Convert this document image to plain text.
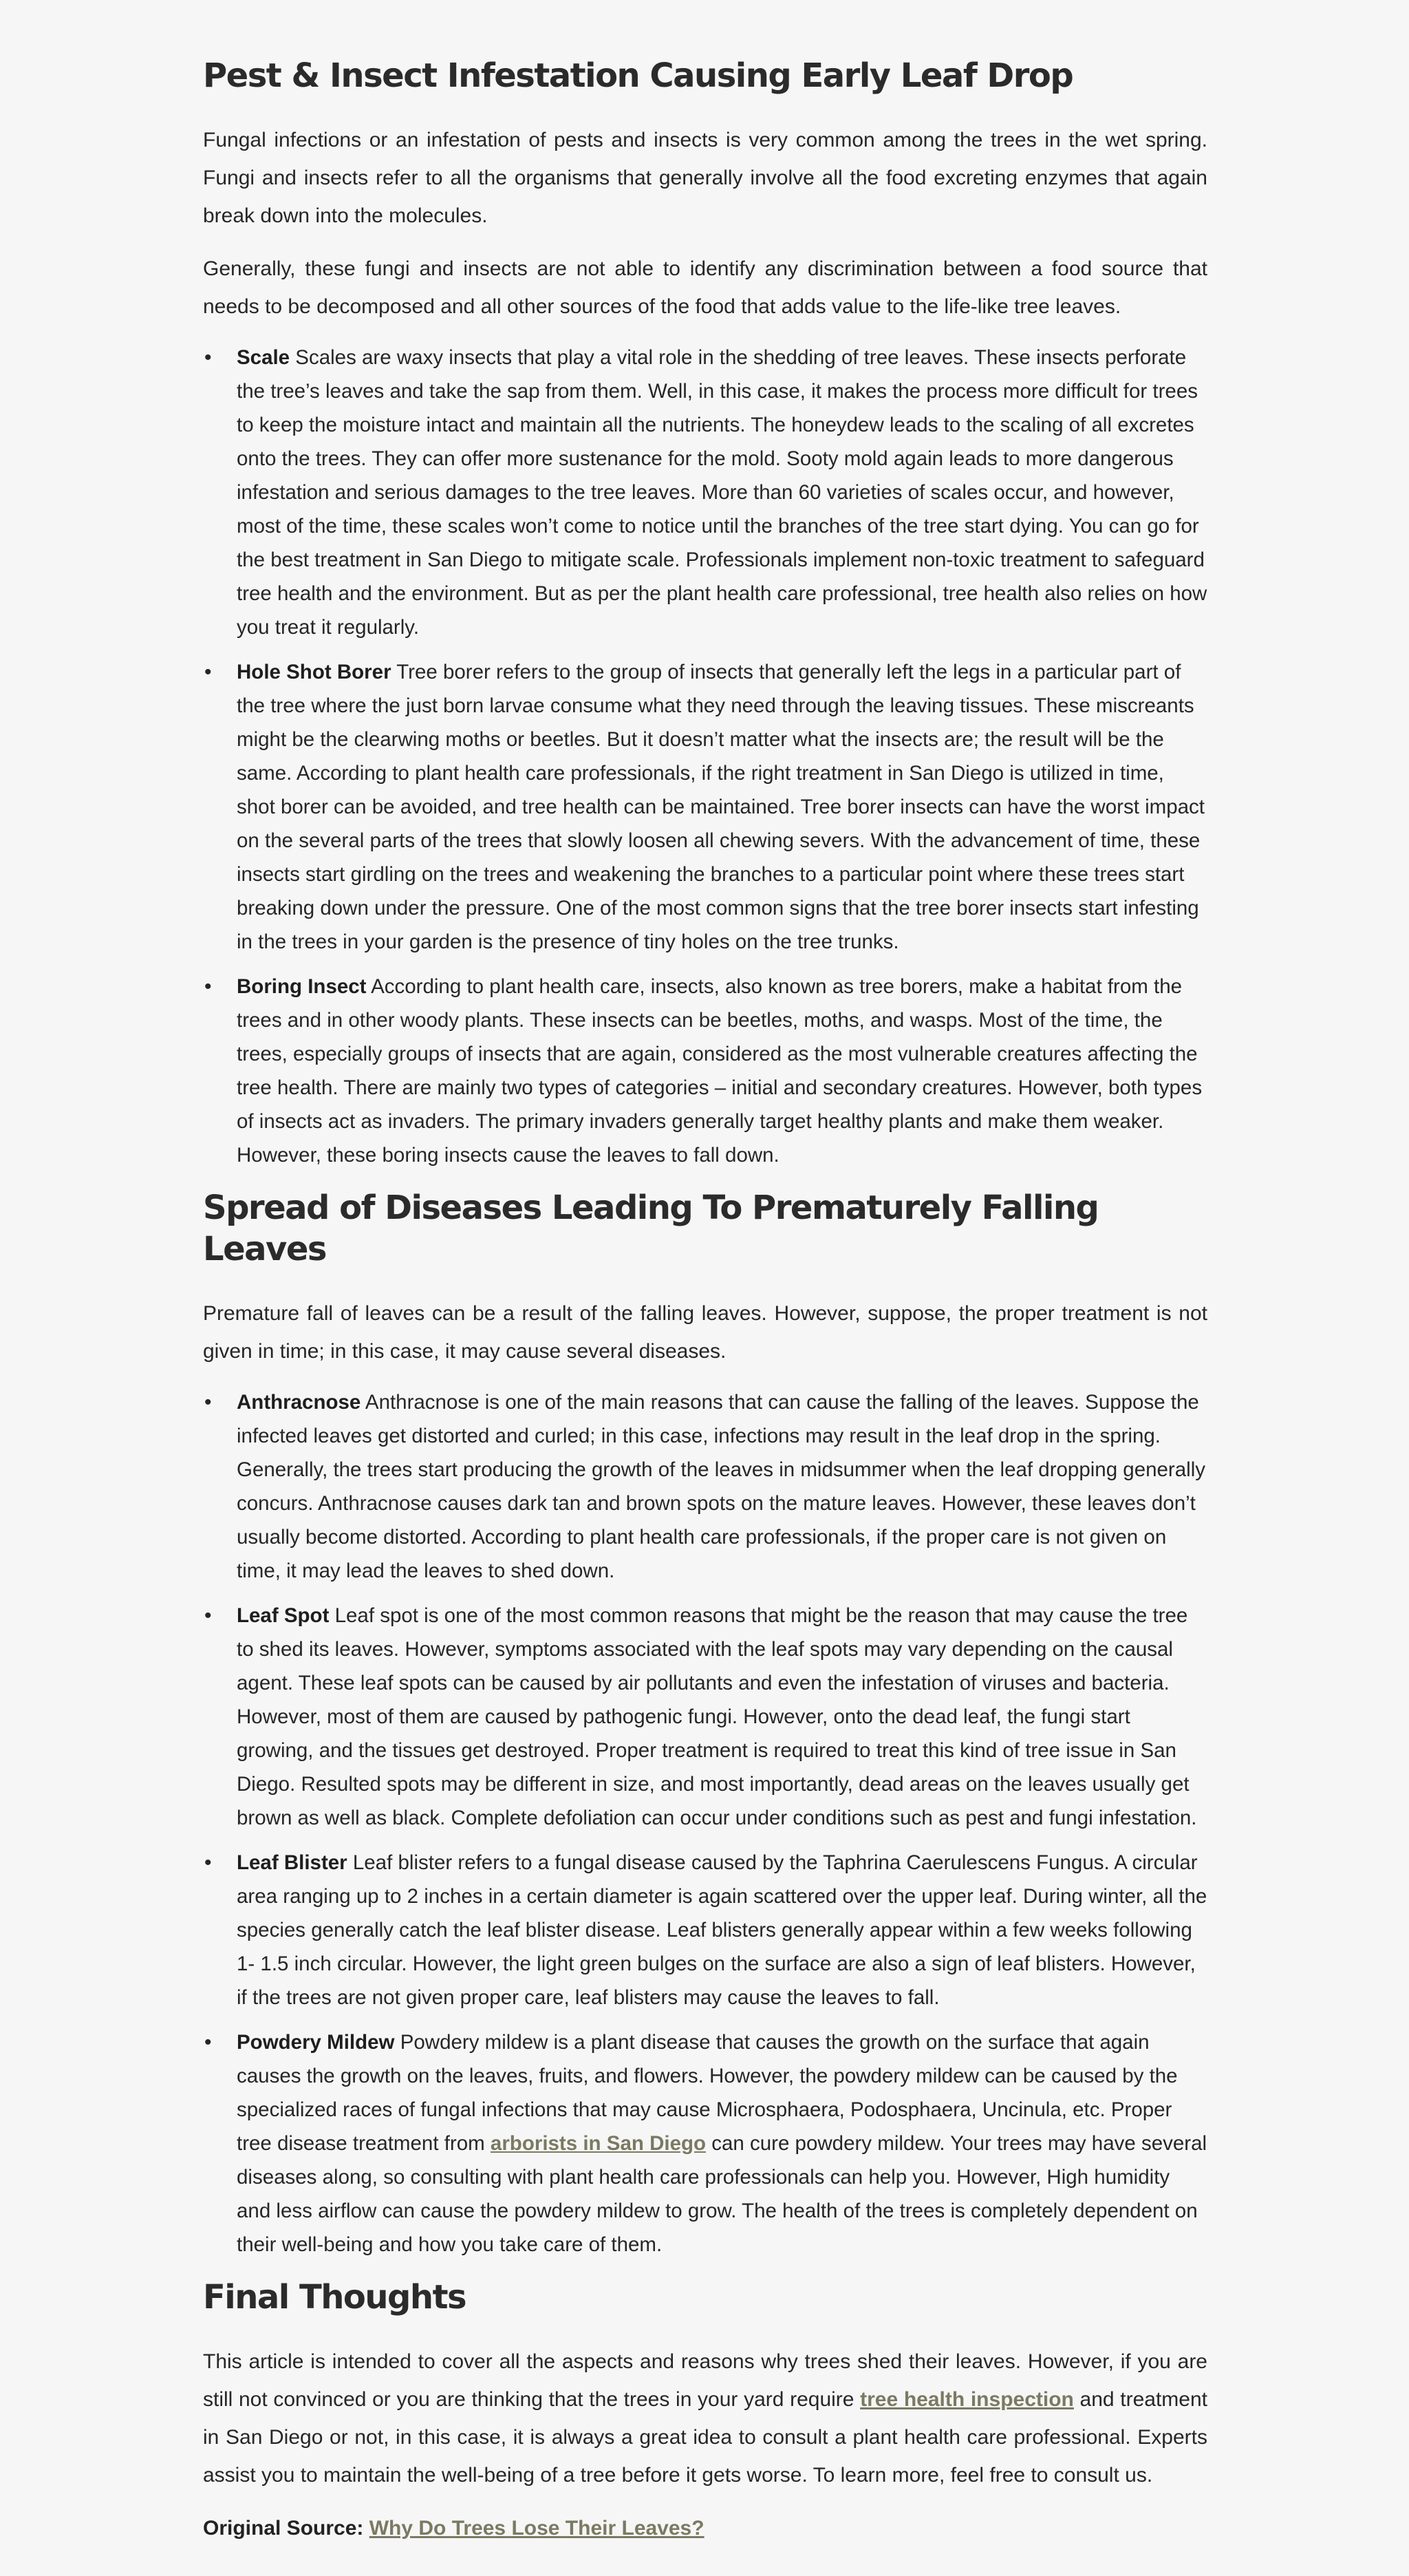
Pest & Insect Infestation Causing Early Leaf Drop

Fungal infections or an infestation of pests and insects is very common among the trees in the wet spring. Fungi and insects refer to all the organisms that generally involve all the food excreting enzymes that again break down into the molecules.

Generally, these fungi and insects are not able to identify any discrimination between a food source that needs to be decomposed and all other sources of the food that adds value to the life-like tree leaves.

• Scale Scales are waxy insects that play a vital role in the shedding of tree leaves. These insects perforate the tree’s leaves and take the sap from them. Well, in this case, it makes the process more difficult for trees to keep the moisture intact and maintain all the nutrients. The honeydew leads to the scaling of all excretes onto the trees. They can offer more sustenance for the mold. Sooty mold again leads to more dangerous infestation and serious damages to the tree leaves. More than 60 varieties of scales occur, and however, most of the time, these scales won’t come to notice until the branches of the tree start dying. You can go for the best treatment in San Diego to mitigate scale. Professionals implement non-toxic treatment to safeguard tree health and the environment. But as per the plant health care professional, tree health also relies on how you treat it regularly.
• Hole Shot Borer Tree borer refers to the group of insects that generally left the legs in a particular part of the tree where the just born larvae consume what they need through the leaving tissues. These miscreants might be the clearwing moths or beetles. But it doesn’t matter what the insects are; the result will be the same. According to plant health care professionals, if the right treatment in San Diego is utilized in time, shot borer can be avoided, and tree health can be maintained. Tree borer insects can have the worst impact on the several parts of the trees that slowly loosen all chewing severs. With the advancement of time, these insects start girdling on the trees and weakening the branches to a particular point where these trees start breaking down under the pressure. One of the most common signs that the tree borer insects start infesting in the trees in your garden is the presence of tiny holes on the tree trunks.
• Boring Insect According to plant health care, insects, also known as tree borers, make a habitat from the trees and in other woody plants. These insects can be beetles, moths, and wasps. Most of the time, the trees, especially groups of insects that are again, considered as the most vulnerable creatures affecting the tree health. There are mainly two types of categories – initial and secondary creatures. However, both types of insects act as invaders. The primary invaders generally target healthy plants and make them weaker. However, these boring insects cause the leaves to fall down.
Spread of Diseases Leading To Prematurely Falling Leaves

Premature fall of leaves can be a result of the falling leaves. However, suppose, the proper treatment is not given in time; in this case, it may cause several diseases.

• Anthracnose Anthracnose is one of the main reasons that can cause the falling of the leaves. Suppose the infected leaves get distorted and curled; in this case, infections may result in the leaf drop in the spring. Generally, the trees start producing the growth of the leaves in midsummer when the leaf dropping generally concurs. Anthracnose causes dark tan and brown spots on the mature leaves. However, these leaves don’t usually become distorted. According to plant health care professionals, if the proper care is not given on time, it may lead the leaves to shed down.
• Leaf Spot Leaf spot is one of the most common reasons that might be the reason that may cause the tree to shed its leaves. However, symptoms associated with the leaf spots may vary depending on the causal agent. These leaf spots can be caused by air pollutants and even the infestation of viruses and bacteria. However, most of them are caused by pathogenic fungi. However, onto the dead leaf, the fungi start growing, and the tissues get destroyed. Proper treatment is required to treat this kind of tree issue in San Diego. Resulted spots may be different in size, and most importantly, dead areas on the leaves usually get brown as well as black. Complete defoliation can occur under conditions such as pest and fungi infestation.
• Leaf Blister Leaf blister refers to a fungal disease caused by the Taphrina Caerulescens Fungus. A circular area ranging up to 2 inches in a certain diameter is again scattered over the upper leaf. During winter, all the species generally catch the leaf blister disease. Leaf blisters generally appear within a few weeks following 1- 1.5 inch circular. However, the light green bulges on the surface are also a sign of leaf blisters. However, if the trees are not given proper care, leaf blisters may cause the leaves to fall.
• Powdery Mildew Powdery mildew is a plant disease that causes the growth on the surface that again causes the growth on the leaves, fruits, and flowers. However, the powdery mildew can be caused by the specialized races of fungal infections that may cause Microsphaera, Podosphaera, Uncinula, etc. Proper tree disease treatment from arborists in San Diego can cure powdery mildew. Your trees may have several diseases along, so consulting with plant health care professionals can help you. However, High humidity and less airflow can cause the powdery mildew to grow. The health of the trees is completely dependent on their well-being and how you take care of them.
Final Thoughts

This article is intended to cover all the aspects and reasons why trees shed their leaves. However, if you are still not convinced or you are thinking that the trees in your yard require tree health inspection and treatment in San Diego or not, in this case, it is always a great idea to consult a plant health care professional. Experts assist you to maintain the well-being of a tree before it gets worse. To learn more, feel free to consult us.

Original Source: Why Do Trees Lose Their Leaves?
